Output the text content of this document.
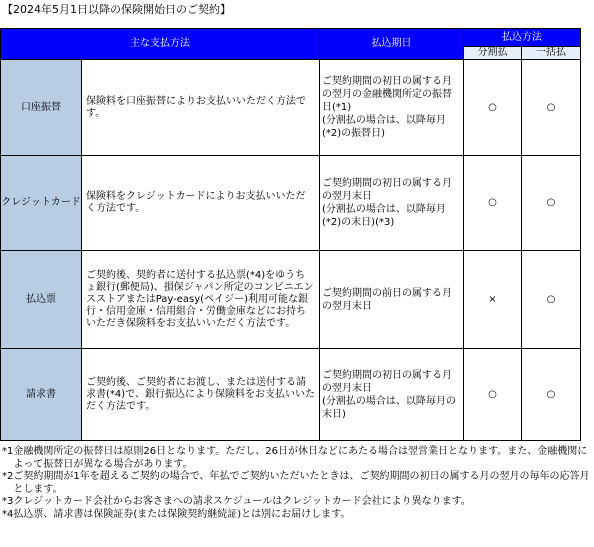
【2024年5月1日以降の保険開始日のご契約】
主な支払方法		払込期日	払込方法	
			分割払	一括払
口座振替	保険料を口座振替によりお支払いいただく方法です。	ご契約期間の初日の属する月の翌月の金融機関所定の振替日(*1)
(分割払の場合は、以降毎月(*2)の振替日)	○	○
クレジットカード	保険料をクレジットカードによりお支払いいただく方法です。	ご契約期間の初日の属する月の翌月末日
(分割払の場合は、以降毎月(*2)の末日)(*3)	○	○
払込票	ご契約後、契約者に送付する払込票(*4)をゆうちょ銀行(郵便局)、損保ジャパン所定のコンビニエンスストアまたはPay-easy(ペイジー)利用可能な銀行・信用金庫・信用組合・労働金庫などにお持ちいただき保険料をお支払いいただく方法です。	ご契約期間の前日の属する月の翌月末日	×	○
請求書	ご契約後、ご契約者にお渡し、または送付する請求書(*4)で、銀行振込により保険料をお支払いいただく方法です。	ご契約期間の初日の属する月の翌月末日
(分割払の場合は、以降毎月の末日)	○	○
*1 金融機関所定の振替日は原則26日となります。ただし、26日が休日などにあたる場合は翌営業日となります。また、金融機関によって振替日が異なる場合があります。
*2 ご契約期間が1年を超えるご契約の場合で、年払でご契約いただいたときは、ご契約期間の初日の属する月の翌月の毎年の応答月とします。
*3 クレジットカード会社からお客さまへの請求スケジュールはクレジットカード会社により異なります。
*4 払込票、請求書は保険証券(または保険契約継続証)とは別にお届けします。
